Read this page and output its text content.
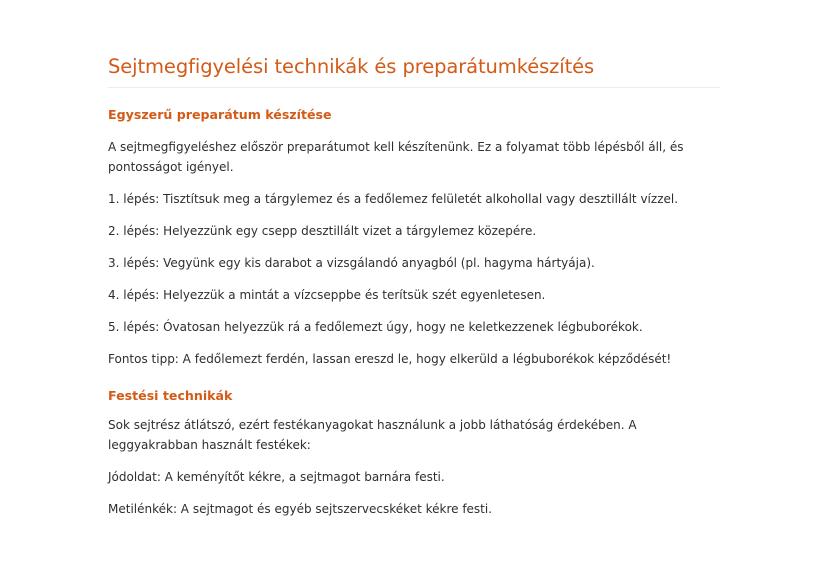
Sejtmegfigyelési technikák és preparátumkészítés
Egyszerű preparátum készítése

A sejtmegfigyeléshez először preparátumot kell készítenünk. Ez a folyamat több lépésből áll, és pontosságot igényel.

1. lépés: Tisztítsuk meg a tárgylemez és a fedőlemez felületét alkohollal vagy desztillált vízzel.

2. lépés: Helyezzünk egy csepp desztillált vizet a tárgylemez közepére.

3. lépés: Vegyünk egy kis darabot a vizsgálandó anyagból (pl. hagyma hártyája).

4. lépés: Helyezzük a mintát a vízcseppbe és terítsük szét egyenletesen.

5. lépés: Óvatosan helyezzük rá a fedőlemezt úgy, hogy ne keletkezzenek légbuborékok.

Fontos tipp: A fedőlemezt ferdén, lassan ereszd le, hogy elkerüld a légbuborékok képződését!

Festési technikák

Sok sejtrész átlátszó, ezért festékanyagokat használunk a jobb láthatóság érdekében. A leggyakrabban használt festékek:

Jódoldat: A keményítőt kékre, a sejtmagot barnára festi.

Metilénkék: A sejtmagot és egyéb sejtszervecskéket kékre festi.
